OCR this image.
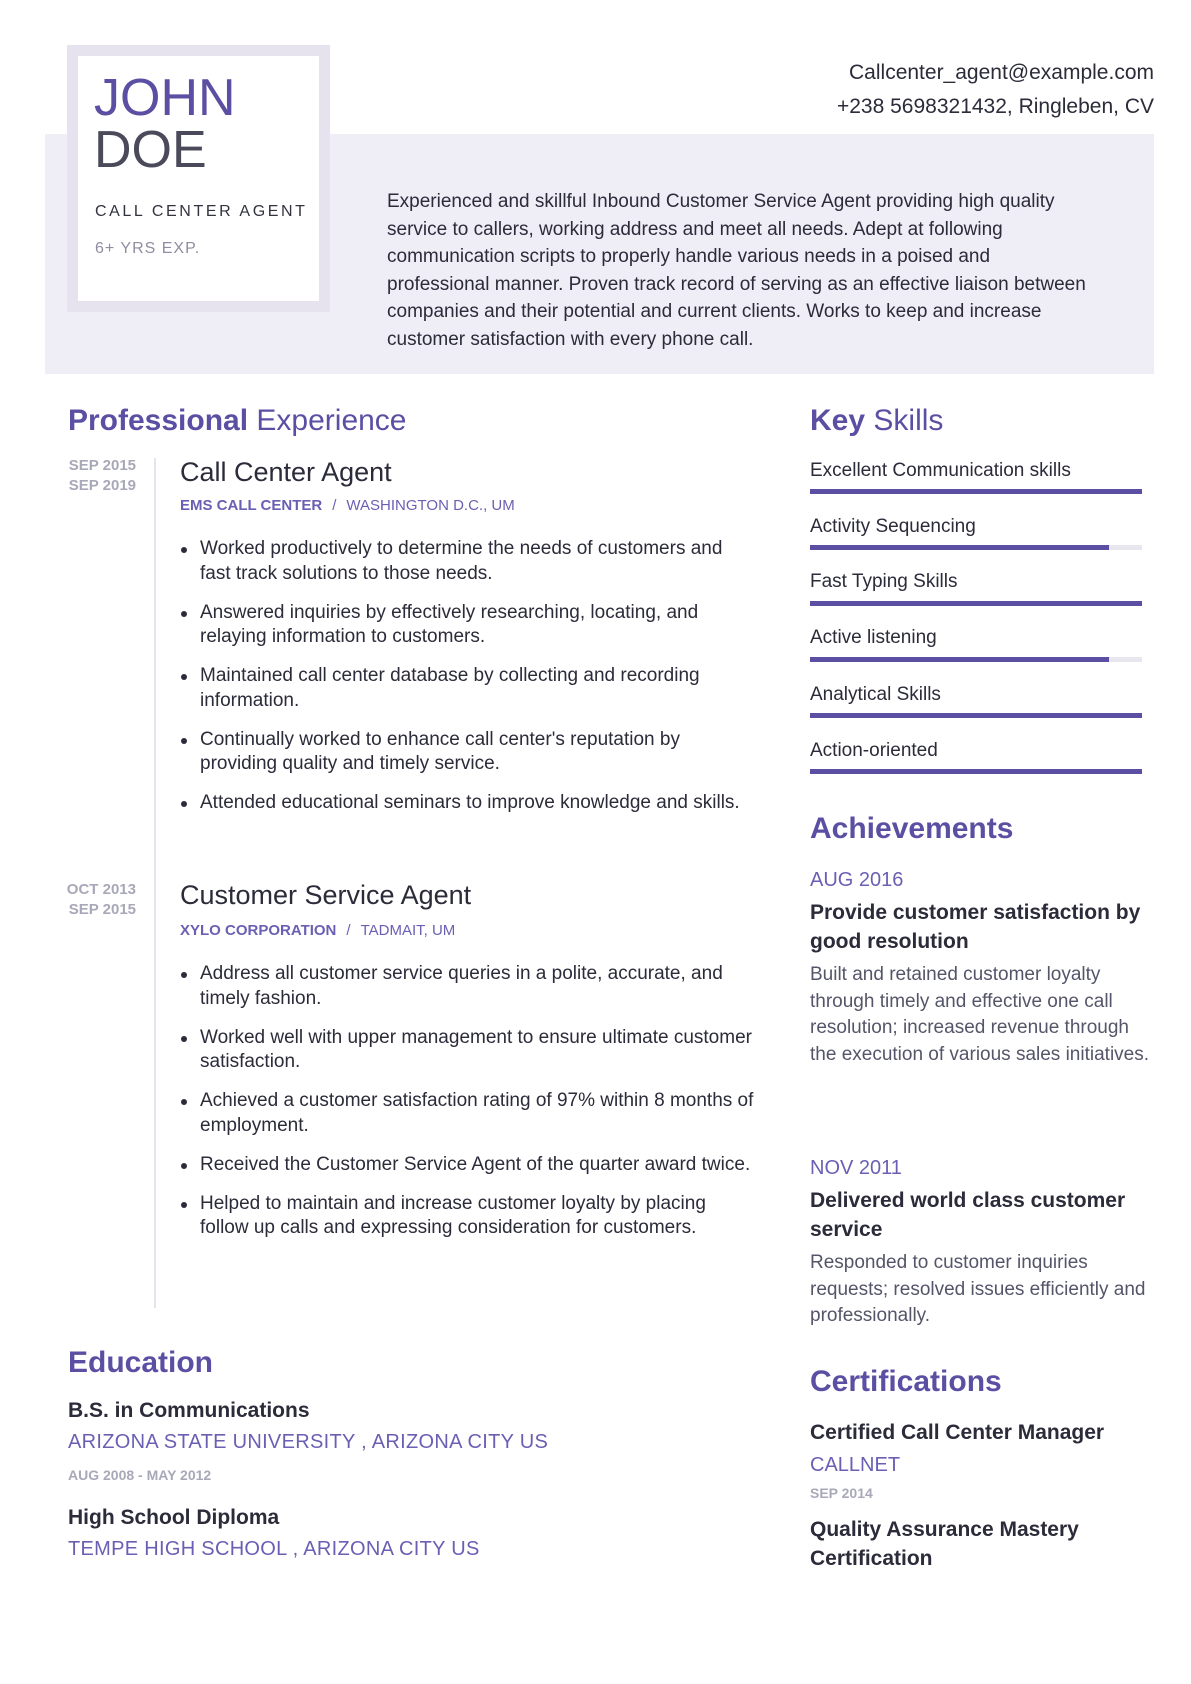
JOHN
DOE
CALL CENTER AGENT
6+ YRS EXP.
Callcenter_agent@example.com
+238 5698321432, Ringleben, CV

Experienced and skillful Inbound Customer Service Agent providing high quality service to callers, working address and meet all needs. Adept at following communication scripts to properly handle various needs in a poised and professional manner. Proven track record of serving as an effective liaison between companies and their potential and current clients. Works to keep and increase customer satisfaction with every phone call.

Professional Experience
SEP 2015
SEP 2019 Call Center Agent
EMS CALL CENTER / WASHINGTON D.C., UM
Worked productively to determine the needs of customers and fast track solutions to those needs.
Answered inquiries by effectively researching, locating, and relaying information to customers.
Maintained call center database by collecting and recording information.
Continually worked to enhance call center's reputation by providing quality and timely service.
Attended educational seminars to improve knowledge and skills.
OCT 2013
SEP 2015 Customer Service Agent
XYLO CORPORATION / TADMAIT, UM
Address all customer service queries in a polite, accurate, and timely fashion.
Worked well with upper management to ensure ultimate customer satisfaction.
Achieved a customer satisfaction rating of 97% within 8 months of employment.
Received the Customer Service Agent of the quarter award twice.
Helped to maintain and increase customer loyalty by placing follow up calls and expressing consideration for customers.
Education
B.S. in Communications
ARIZONA STATE UNIVERSITY , ARIZONA CITY US
AUG 2008 - MAY 2012
High School Diploma
TEMPE HIGH SCHOOL , ARIZONA CITY US
Key Skills
Excellent Communication skills
Activity Sequencing
Fast Typing Skills
Active listening
Analytical Skills
Action-oriented
Achievements
AUG 2016
Provide customer satisfaction by good resolution
Built and retained customer loyalty through timely and effective one call resolution; increased revenue through the execution of various sales initiatives.
NOV 2011
Delivered world class customer service
Responded to customer inquiries requests; resolved issues efficiently and professionally.
Certifications
Certified Call Center Manager
CALLNET
SEP 2014
Quality Assurance Mastery Certification
